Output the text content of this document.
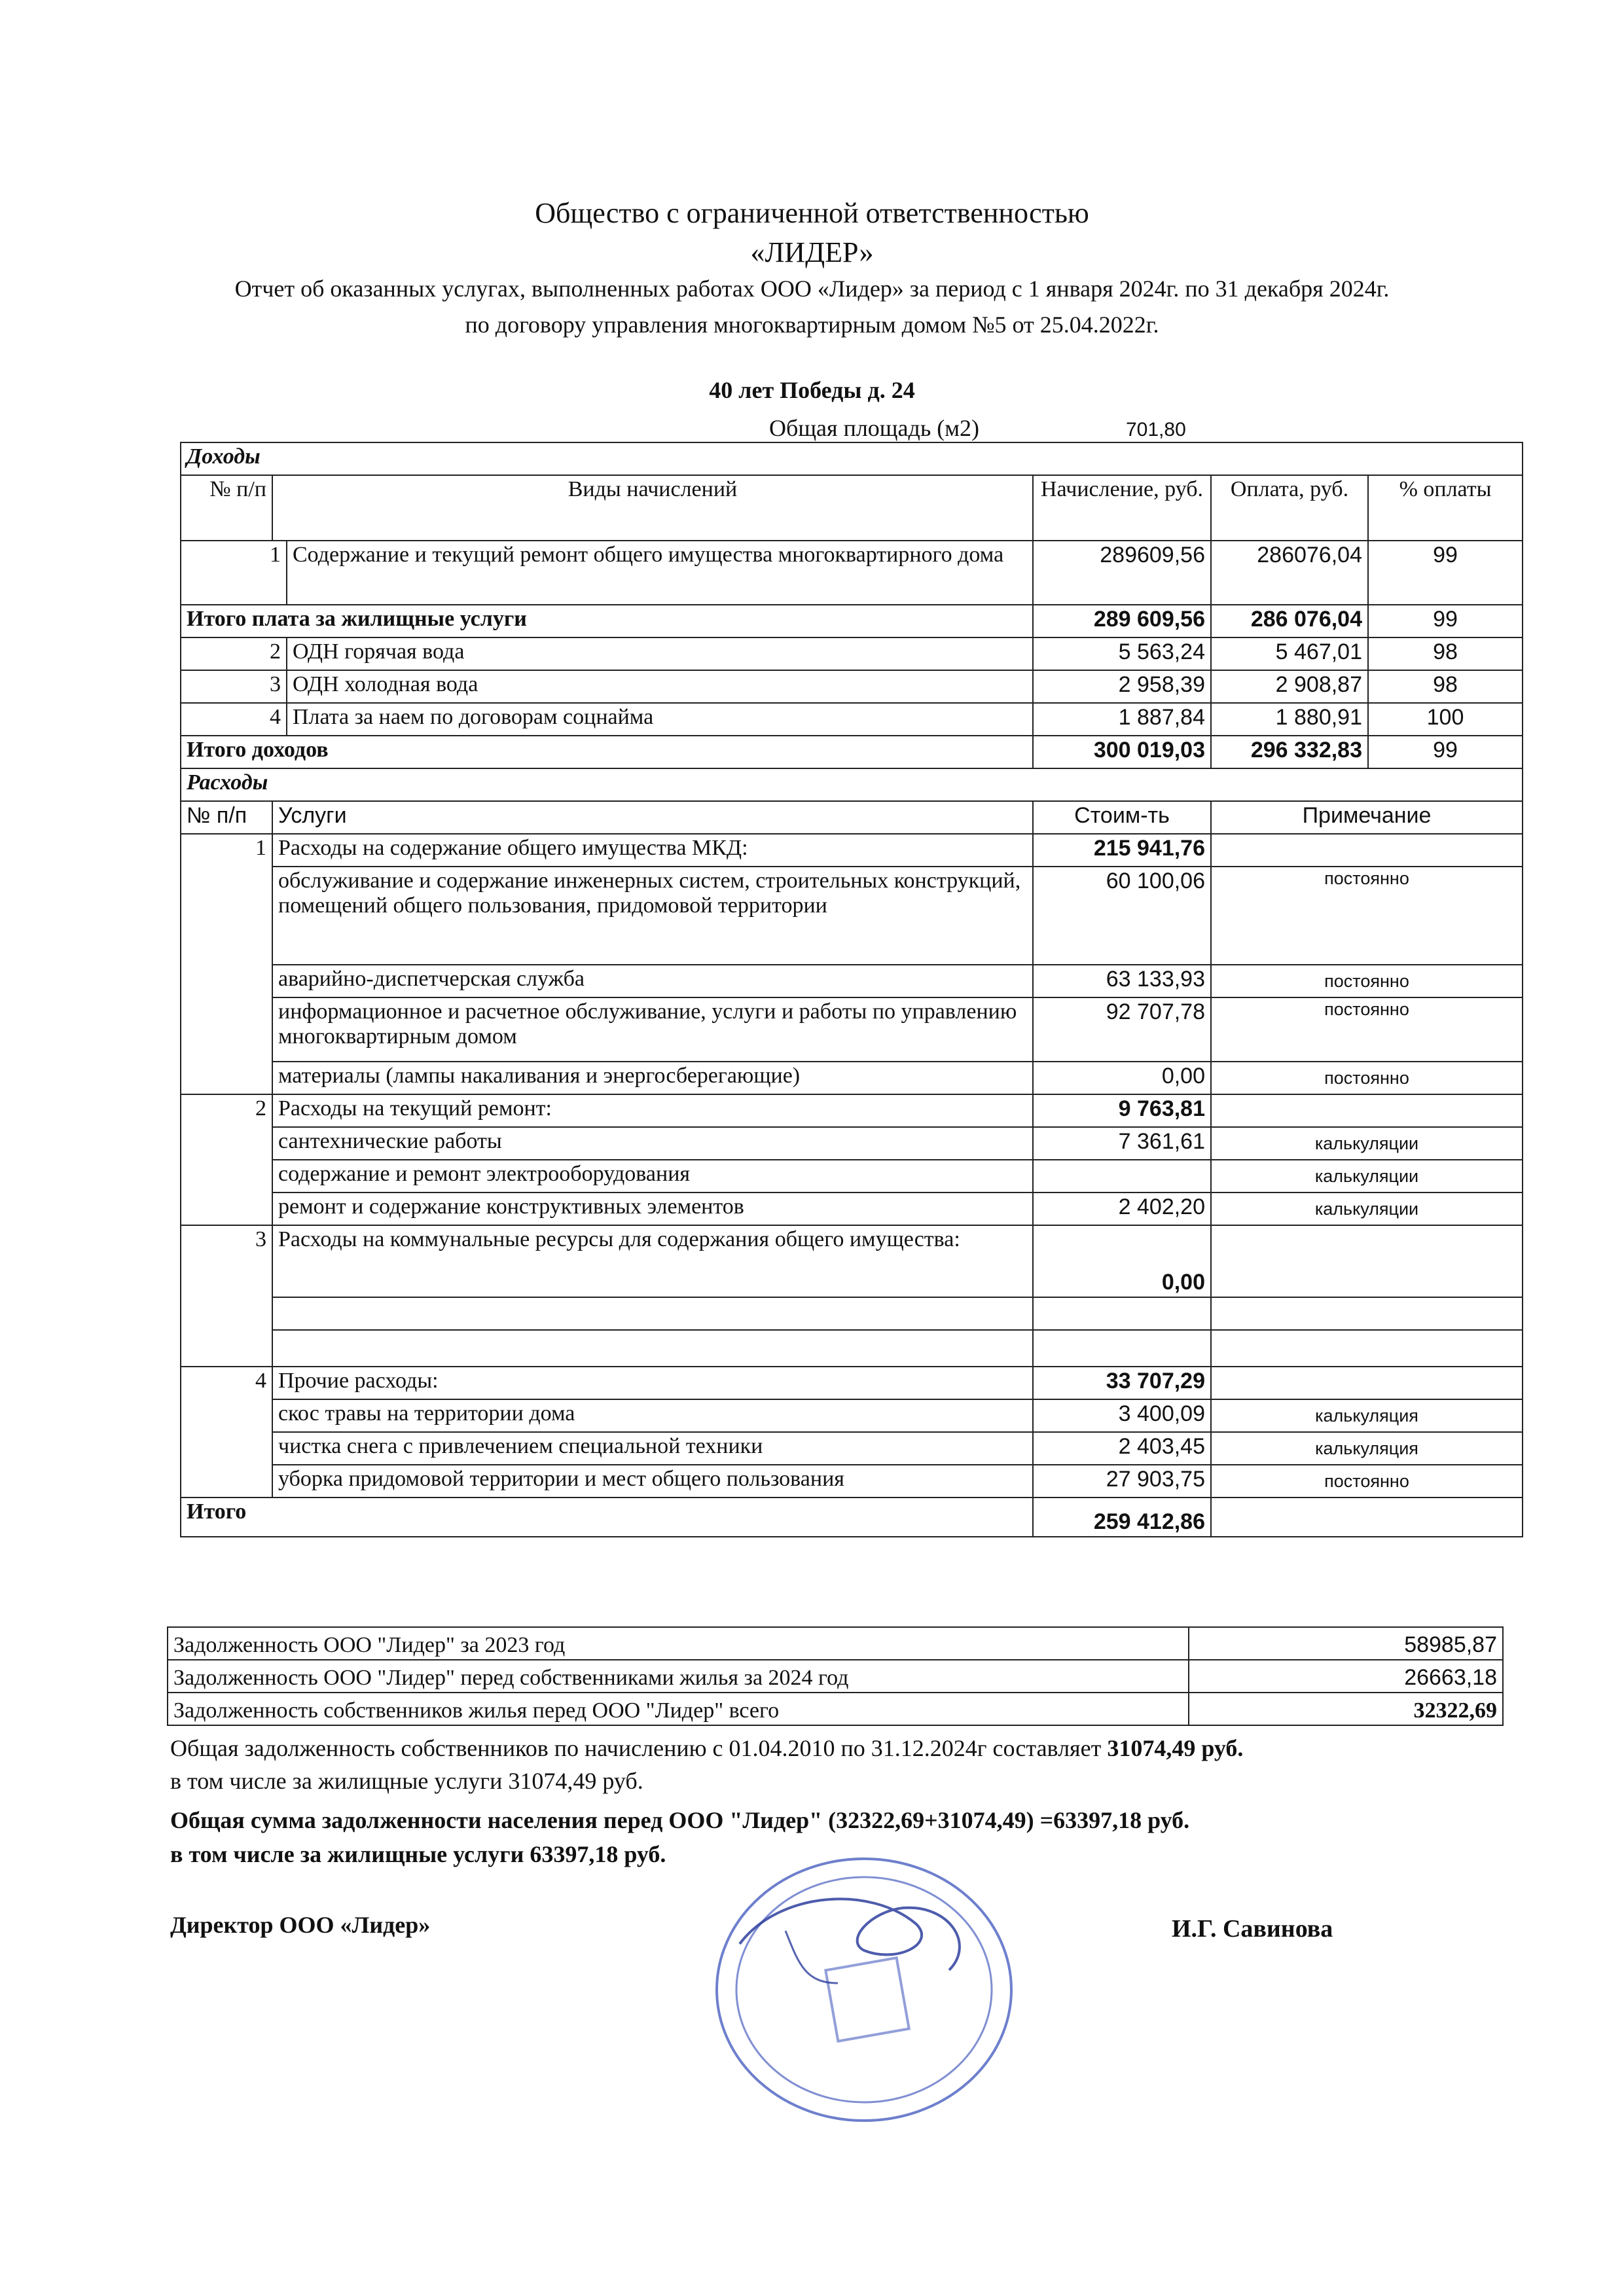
Общество с ограниченной ответственностью
«ЛИДЕР»
Отчет об оказанных услугах, выполненных работах ООО «Лидер» за период с 1 января 2024г. по 31 декабря 2024г.
по договору управления многоквартирным домом №5 от 25.04.2022г.
40 лет Победы д. 24
Общая площадь (м2)	701,80
Доходы					
№ п/п	Виды начислений		Начисление, руб.	Оплата, руб.	% оплаты
1		Содержание и текущий ремонт общего имущества многоквартирного дома	289609,56	286076,04	99
Итого плата за жилищные услуги			289 609,56	286 076,04	99
2		ОДН горячая вода	5 563,24	5 467,01	98
3		ОДН холодная вода	2 958,39	2 908,87	98
4		Плата за наем по договорам соцнайма	1 887,84	1 880,91	100
Итого доходов			300 019,03	296 332,83	99
Расходы					
№ п/п	Услуги		Стоим-ть	Примечание	
1	Расходы на содержание общего имущества МКД:		215 941,76		
	обслуживание и содержание инженерных систем, строительных конструкций, помещений общего пользования, придомовой территории		60 100,06	постоянно	
	аварийно-диспетчерская служба		63 133,93	постоянно	
	информационное и расчетное обслуживание, услуги и работы по управлению многоквартирным домом		92 707,78	постоянно	
	материалы (лампы накаливания и энергосберегающие)		0,00	постоянно	
2	Расходы на текущий ремонт:		9 763,81		
	сантехнические работы		7 361,61	калькуляции	
	содержание и ремонт электрооборудования			калькуляции	
	ремонт и содержание конструктивных элементов		2 402,20	калькуляции	
3	Расходы на коммунальные ресурсы для содержания общего имущества:		0,00		

4	Прочие расходы:		33 707,29		
	скос травы на территории дома		3 400,09	калькуляция	
	чистка снега с привлечением специальной техники		2 403,45	калькуляция	
	уборка придомовой территории и мест общего пользования		27 903,75	постоянно	
Итого			259 412,86		
Задолженность ООО "Лидер" за 2023 год	58985,87
Задолженность ООО "Лидер" перед собственниками жилья за 2024 год	26663,18
Задолженность собственников жилья перед ООО "Лидер" всего	32322,69
Общая задолженность собственников по начислению с 01.04.2010 по 31.12.2024г составляет 31074,49 руб.
в том числе за жилищные услуги 31074,49 руб.
Общая сумма задолженности населения перед ООО "Лидер" (32322,69+31074,49) =63397,18 руб.
в том числе за жилищные услуги 63397,18 руб.
Директор ООО «Лидер»	И.Г. Савинова
